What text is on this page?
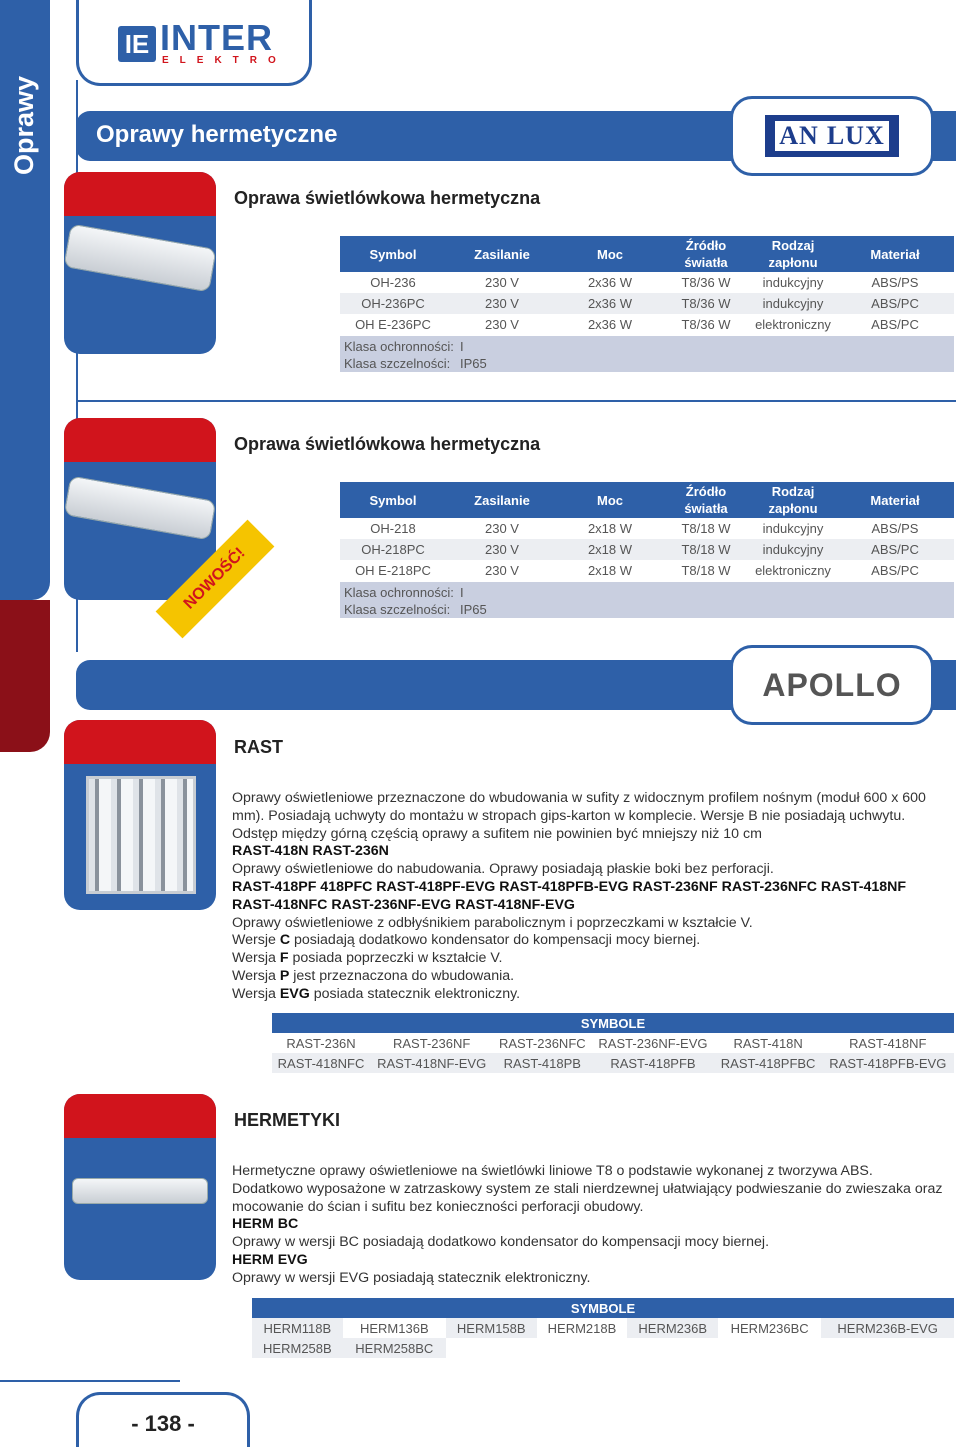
Oprawy
IE INTER
ELEKTRO
Oprawy hermetyczne	AN LUX
Oprawa świetlówkowa hermetyczna
Symbol	Zasilanie	Moc	Źródło światła	Rodzaj zapłonu	Materiał
OH-236	230 V	2x36 W	T8/36 W	indukcyjny	ABS/PS
OH-236PC	230 V	2x36 W	T8/36 W	indukcyjny	ABS/PC
OH E-236PC	230 V	2x36 W	T8/36 W	elektroniczny	ABS/PC
Klasa ochronności: I
Klasa szczelności: IP65
NOWOŚĆ!
Oprawa świetlówkowa hermetyczna
Symbol	Zasilanie	Moc	Źródło światła	Rodzaj zapłonu	Materiał
OH-218	230 V	2x18 W	T8/18 W	indukcyjny	ABS/PS
OH-218PC	230 V	2x18 W	T8/18 W	indukcyjny	ABS/PC
OH E-218PC	230 V	2x18 W	T8/18 W	elektroniczny	ABS/PC
Klasa ochronności: I
Klasa szczelności: IP65
APOLLO
RAST
Oprawy oświetleniowe przeznaczone do wbudowania w sufity z widocznym profilem nośnym (moduł 600 x 600 mm). Posiadają uchwyty do montażu w stropach gips-karton w komplecie. Wersje B nie posiadają uchwytu. Odstęp między górną częścią oprawy a sufitem nie powinien być mniejszy niż 10 cm
RAST-418N RAST-236N
Oprawy oświetleniowe do nabudowania. Oprawy posiadają płaskie boki bez perforacji.
RAST-418PF 418PFC RAST-418PF-EVG RAST-418PFB-EVG RAST-236NF RAST-236NFC RAST-418NF RAST-418NFC RAST-236NF-EVG RAST-418NF-EVG
Oprawy oświetleniowe z odbłyśnikiem parabolicznym i poprzeczkami w kształcie V.
Wersje C posiadają dodatkowo kondensator do kompensacji mocy biernej.
Wersja F posiada poprzeczki w kształcie V.
Wersja P jest przeznaczona do wbudowania.
Wersja EVG posiada statecznik elektroniczny.
SYMBOLE					
RAST-236N	RAST-236NF	RAST-236NFC	RAST-236NF-EVG	RAST-418N	RAST-418NF
RAST-418NFC	RAST-418NF-EVG	RAST-418PB	RAST-418PFB	RAST-418PFBC	RAST-418PFB-EVG
HERMETYKI
Hermetyczne oprawy oświetleniowe na świetlówki liniowe T8 o podstawie wykonanej z tworzywa ABS. Dodatkowo wyposażone w zatrzaskowy system ze stali nierdzewnej ułatwiający podwieszanie do zwieszaka oraz mocowanie do ścian i sufitu bez konieczności perforacji obudowy.
HERM BC
Oprawy w wersji BC posiadają dodatkowo kondensator do kompensacji mocy biernej.
HERM EVG
Oprawy w wersji EVG posiadają statecznik elektroniczny.
SYMBOLE						
HERM118B	HERM136B	HERM158B	HERM218B	HERM236B	HERM236BC	HERM236B-EVG
HERM258B	HERM258BC					
- 138 -
